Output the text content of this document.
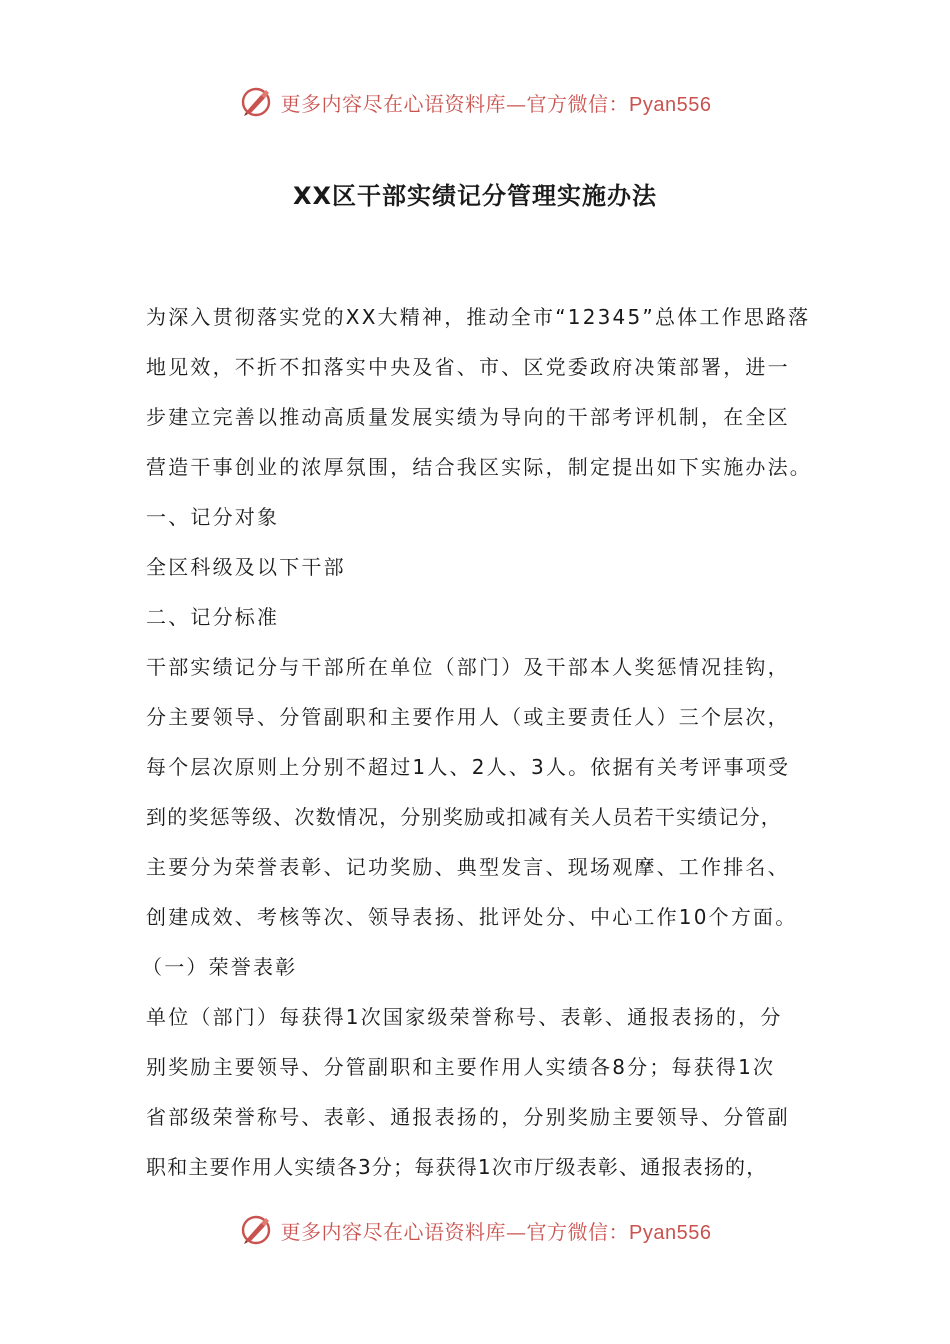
更多内容尽在心语资料库—官方微信：Pyan556
XX区干部实绩记分管理实施办法

为深入贯彻落实党的XX大精神，推动全市“12345”总体工作思路落

地见效，不折不扣落实中央及省、市、区党委政府决策部署，进一

步建立完善以推动高质量发展实绩为导向的干部考评机制，在全区

营造干事创业的浓厚氛围，结合我区实际，制定提出如下实施办法。

一、记分对象

全区科级及以下干部

二、记分标准

干部实绩记分与干部所在单位（部门）及干部本人奖惩情况挂钩，

分主要领导、分管副职和主要作用人（或主要责任人）三个层次，

每个层次原则上分别不超过1人、2人、3人。依据有关考评事项受

到的奖惩等级、次数情况，分别奖励或扣减有关人员若干实绩记分，

主要分为荣誉表彰、记功奖励、典型发言、现场观摩、工作排名、

创建成效、考核等次、领导表扬、批评处分、中心工作10个方面。

（一）荣誉表彰

单位（部门）每获得1次国家级荣誉称号、表彰、通报表扬的，分

别奖励主要领导、分管副职和主要作用人实绩各8分；每获得1次

省部级荣誉称号、表彰、通报表扬的，分别奖励主要领导、分管副

职和主要作用人实绩各3分；每获得1次市厅级表彰、通报表扬的，

更多内容尽在心语资料库—官方微信：Pyan556
